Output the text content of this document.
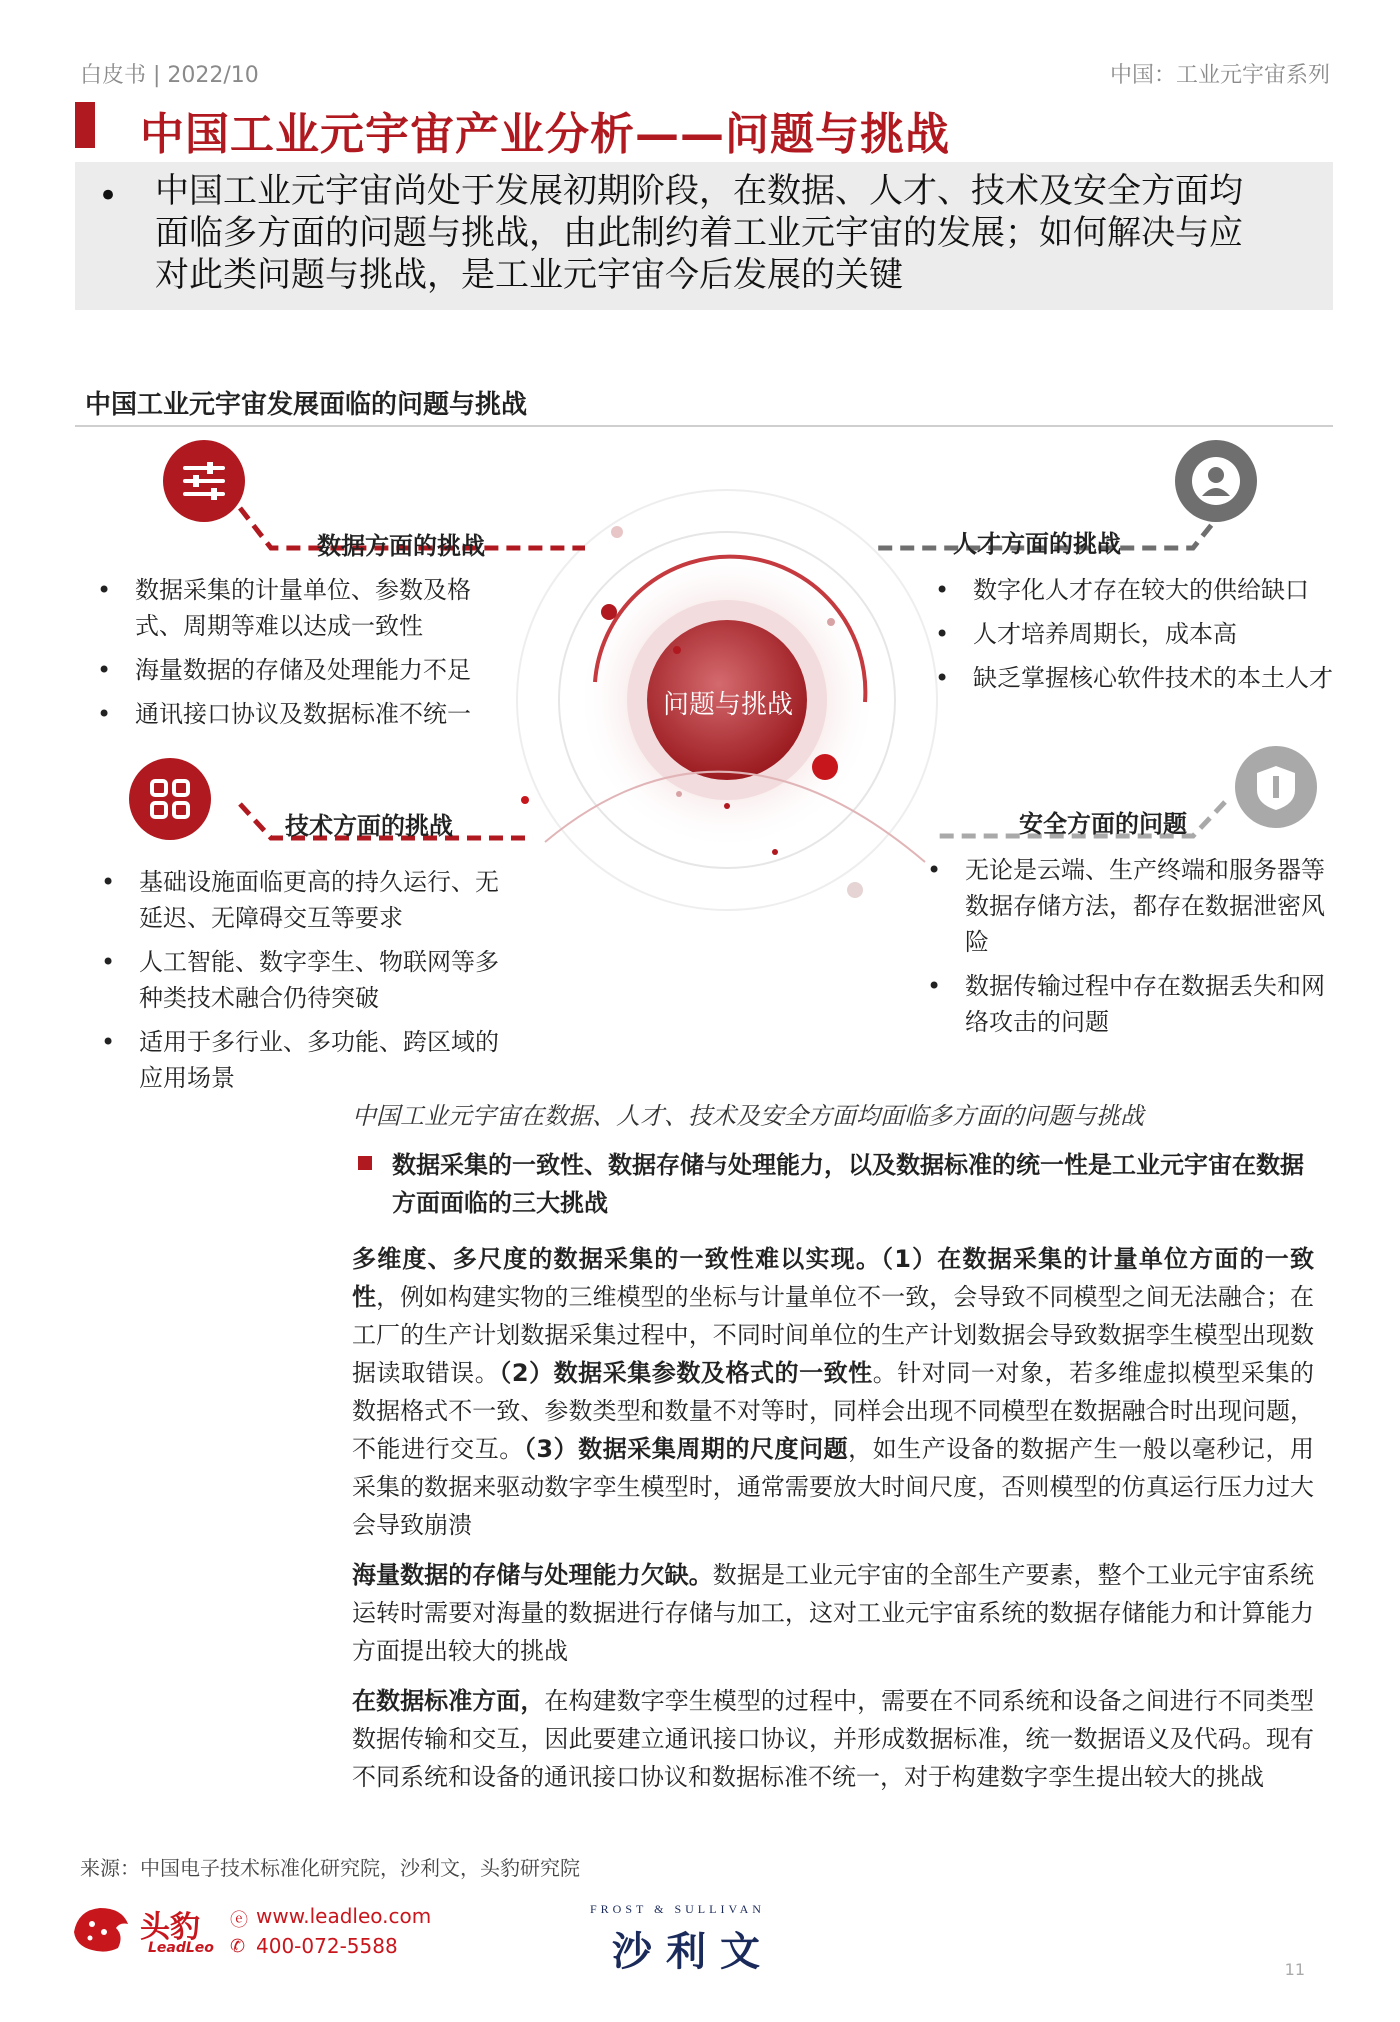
白皮书 | 2022/10	中国：工业元宇宙系列
中国工业元宇宙产业分析——问题与挑战
• 中国工业元宇宙尚处于发展初期阶段，在数据、人才、技术及安全方面均面临多方面的问题与挑战，由此制约着工业元宇宙的发展；如何解决与应对此类问题与挑战，是工业元宇宙今后发展的关键
中国工业元宇宙发展面临的问题与挑战
数据方面的挑战	人才方面的挑战
技术方面的挑战	安全方面的问题
问题与挑战
• 数据采集的计量单位、参数及格式、周期等难以达成一致性
• 海量数据的存储及处理能力不足
• 通讯接口协议及数据标准不统一
• 数字化人才存在较大的供给缺口
• 人才培养周期长，成本高
• 缺乏掌握核心软件技术的本土人才
• 基础设施面临更高的持久运行、无延迟、无障碍交互等要求
• 人工智能、数字孪生、物联网等多种类技术融合仍待突破
• 适用于多行业、多功能、跨区域的应用场景
• 无论是云端、生产终端和服务器等数据存储方法，都存在数据泄密风险
• 数据传输过程中存在数据丢失和网络攻击的问题
中国工业元宇宙在数据、人才、技术及安全方面均面临多方面的问题与挑战
数据采集的一致性、数据存储与处理能力，以及数据标准的统一性是工业元宇宙在数据方面面临的三大挑战
多维度、多尺度的数据采集的一致性难以实现。（1）在数据采集的计量单位方面的一致性，例如构建实物的三维模型的坐标与计量单位不一致，会导致不同模型之间无法融合；在工厂的生产计划数据采集过程中，不同时间单位的生产计划数据会导致数据孪生模型出现数据读取错误。（2）数据采集参数及格式的一致性。针对同一对象，若多维虚拟模型采集的数据格式不一致、参数类型和数量不对等时，同样会出现不同模型在数据融合时出现问题，不能进行交互。（3）数据采集周期的尺度问题，如生产设备的数据产生一般以毫秒记，用采集的数据来驱动数字孪生模型时，通常需要放大时间尺度，否则模型的仿真运行压力过大会导致崩溃
海量数据的存储与处理能力欠缺。数据是工业元宇宙的全部生产要素，整个工业元宇宙系统运转时需要对海量的数据进行存储与加工，这对工业元宇宙系统的数据存储能力和计算能力方面提出较大的挑战
在数据标准方面，在构建数字孪生模型的过程中，需要在不同系统和设备之间进行不同类型数据传输和交互，因此要建立通讯接口协议，并形成数据标准，统一数据语义及代码。现有不同系统和设备的通讯接口协议和数据标准不统一，对于构建数字孪生提出较大的挑战
来源：中国电子技术标准化研究院，沙利文，头豹研究院
头豹
LeadLeo
ⓔ www.leadleo.com
✆ 400-072-5588
FROST & SULLIVAN
沙利文	11
